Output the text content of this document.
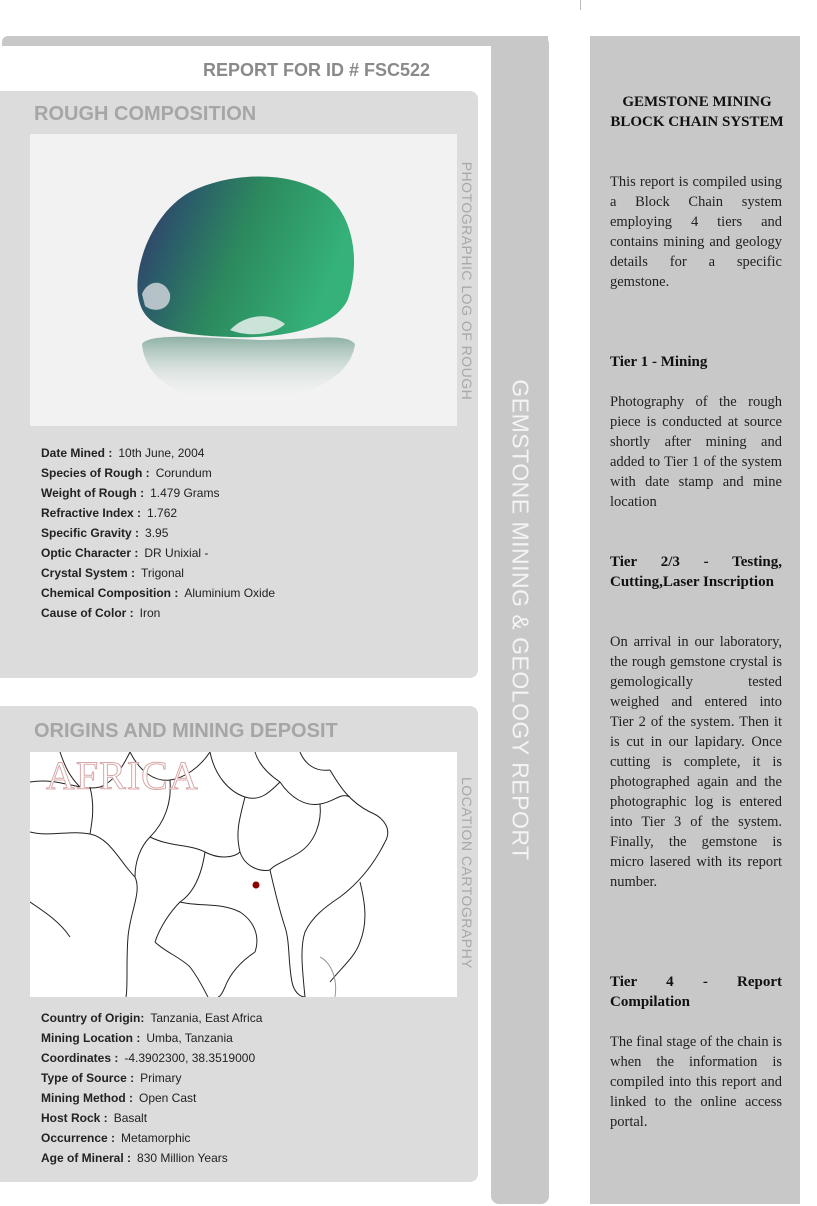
REPORT FOR ID # FSC522
ROUGH COMPOSITION
PHOTOGRAPHIC LOG OF ROUGH
Date Mined : 10th June, 2004
Species of Rough : Corundum
Weight of Rough : 1.479 Grams
Refractive Index : 1.762
Specific Gravity : 3.95
Optic Character : DR Unixial -
Crystal System : Trigonal
Chemical Composition : Aluminium Oxide
Cause of Color : Iron
ORIGINS AND MINING DEPOSIT
AFRICA
LOCATION CARTOGRAPHY
Country of Origin: Tanzania, East Africa
Mining Location : Umba, Tanzania
Coordinates : -4.3902300, 38.3519000
Type of Source : Primary
Mining Method : Open Cast
Host Rock : Basalt
Occurrence : Metamorphic
Age of Mineral : 830 Million Years
GEMSTONE MINING & GEOLOGY REPORT
GEMSTONE MINING BLOCK CHAIN SYSTEM
This report is compiled using a Block Chain system employing 4 tiers and contains mining and geology details for a specific gemstone.
Tier 1 - Mining
Photography of the rough piece is conducted at source shortly after mining and added to Tier 1 of the system with date stamp and mine location
Tier 2/3 - Testing, Cutting,Laser Inscription
On arrival in our laboratory, the rough gemstone crystal is gemologically tested weighed and entered into Tier 2 of the system. Then it is cut in our lapidary. Once cutting is complete, it is photographed again and the photographic log is entered into Tier 3 of the system. Finally, the gemstone is micro lasered with its report number.
Tier 4 - Report Compilation
The final stage of the chain is when the information is compiled into this report and linked to the online access portal.
